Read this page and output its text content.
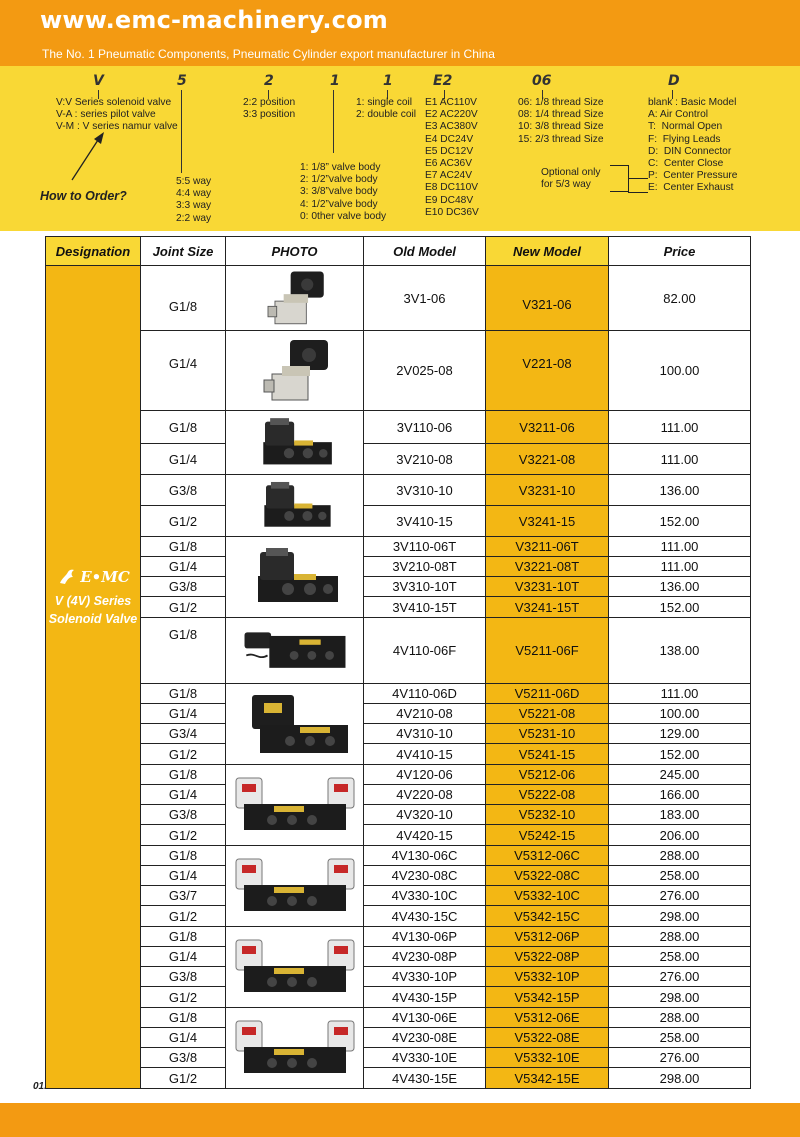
www.emc-machinery.com
The No. 1 Pneumatic Components, Pneumatic Cylinder export manufacturer in China
V	5	2	1	1	E2	06	D
V:V Series solenoid valve
V-A : series pilot valve
V-M : V series namur valve
5:5 way
4:4 way
3:3 way
2:2 way
2:2 position
3:3 position
1: 1/8” valve body
2: 1/2”valve body
3: 3/8”valve body
4: 1/2”valve body
0: 0ther valve body
1: single coil
2: double coil
E1 AC110V
E2 AC220V
E3 AC380V
E4 DC24V
E5 DC12V
E6 AC36V
E7 AC24V
E8 DC110V
E9 DC48V
E10 DC36V
06: 1/8 thread Size
08: 1/4 thread Size
10: 3/8 thread Size
15: 2/3 thread Size
Optional only
for 5/3 way
blank : Basic Model
A: Air Control
T:  Normal Open
F:  Flying Leads
D:  DIN Connector
C:  Center Close
P:  Center Pressure
E:  Center Exhaust
How to Order?
Designation	Joint Size	PHOTO	Old Model	New Model	Price

E•MC
V (4V) Series Solenoid Valve	G1/8		3V1-06	V321-06	82.00
	G1/4		2V025-08	V221-08	100.00
	G1/8		3V110-06	V3211-06	111.00
	G1/4		3V210-08	V3221-08	111.00
	G3/8		3V310-10	V3231-10	136.00
	G1/2		3V410-15	V3241-15	152.00
	G1/8		3V110-06T	V3211-06T	111.00
	G1/4		3V210-08T	V3221-08T	111.00
	G3/8		3V310-10T	V3231-10T	136.00
	G1/2		3V410-15T	V3241-15T	152.00
	G1/8		4V110-06F	V5211-06F	138.00
	G1/8		4V110-06D	V5211-06D	111.00
	G1/4		4V210-08	V5221-08	100.00
	G3/4		4V310-10	V5231-10	129.00
	G1/2		4V410-15	V5241-15	152.00
	G1/8		4V120-06	V5212-06	245.00
	G1/4		4V220-08	V5222-08	166.00
	G3/8		4V320-10	V5232-10	183.00
	G1/2		4V420-15	V5242-15	206.00
	G1/8		4V130-06C	V5312-06C	288.00
	G1/4		4V230-08C	V5322-08C	258.00
	G3/7		4V330-10C	V5332-10C	276.00
	G1/2		4V430-15C	V5342-15C	298.00
	G1/8		4V130-06P	V5312-06P	288.00
	G1/4		4V230-08P	V5322-08P	258.00
	G3/8		4V330-10P	V5332-10P	276.00
	G1/2		4V430-15P	V5342-15P	298.00
	G1/8		4V130-06E	V5312-06E	288.00
	G1/4		4V230-08E	V5322-08E	258.00
	G3/8		4V330-10E	V5332-10E	276.00
	G1/2		4V430-15E	V5342-15E	298.00
01.
